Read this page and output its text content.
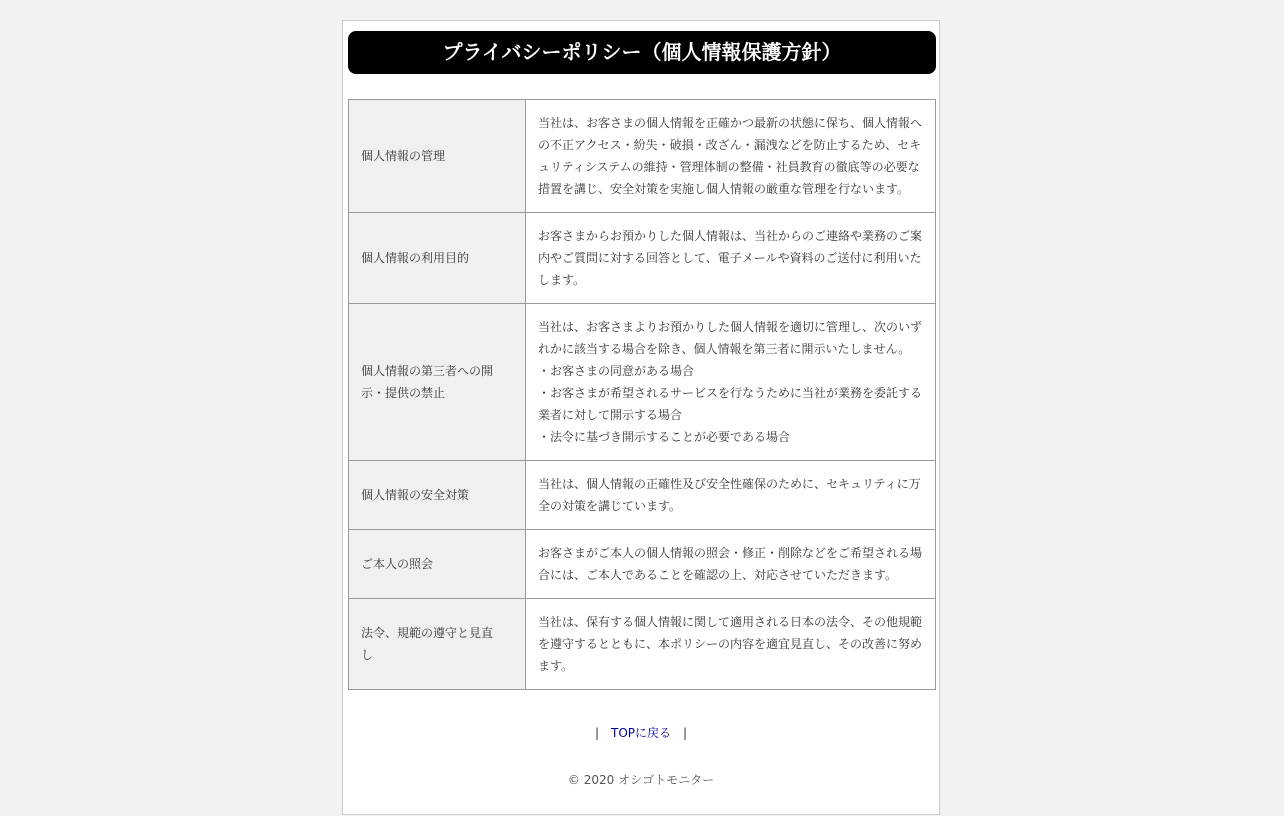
プライバシーポリシー（個人情報保護方針）
個人情報の管理	当社は、お客さまの個人情報を正確かつ最新の状態に保ち、個人情報への不正アクセス・紛失・破損・改ざん・漏洩などを防止するため、セキュリティシステムの維持・管理体制の整備・社員教育の徹底等の必要な措置を講じ、安全対策を実施し個人情報の厳重な管理を行ないます。

個人情報の利用目的	お客さまからお預かりした個人情報は、当社からのご連絡や業務のご案内やご質問に対する回答として、電子メールや資料のご送付に利用いたします。

個人情報の第三者への開示・提供の禁止	当社は、お客さまよりお預かりした個人情報を適切に管理し、次のいずれかに該当する場合を除き、個人情報を第三者に開示いたしません。

・お客さまの同意がある場合

・お客さまが希望されるサービスを行なうために当社が業務を委託する業者に対して開示する場合

・法令に基づき開示することが必要である場合

個人情報の安全対策	当社は、個人情報の正確性及び安全性確保のために、セキュリティに万全の対策を講じています。

ご本人の照会	お客さまがご本人の個人情報の照会・修正・削除などをご希望される場合には、ご本人であることを確認の上、対応させていただきます。

法令、規範の遵守と見直し	当社は、保有する個人情報に関して適用される日本の法令、その他規範を遵守するとともに、本ポリシーの内容を適宜見直し、その改善に努めます。

| TOPに戻る |
© 2020 オシゴトモニター
